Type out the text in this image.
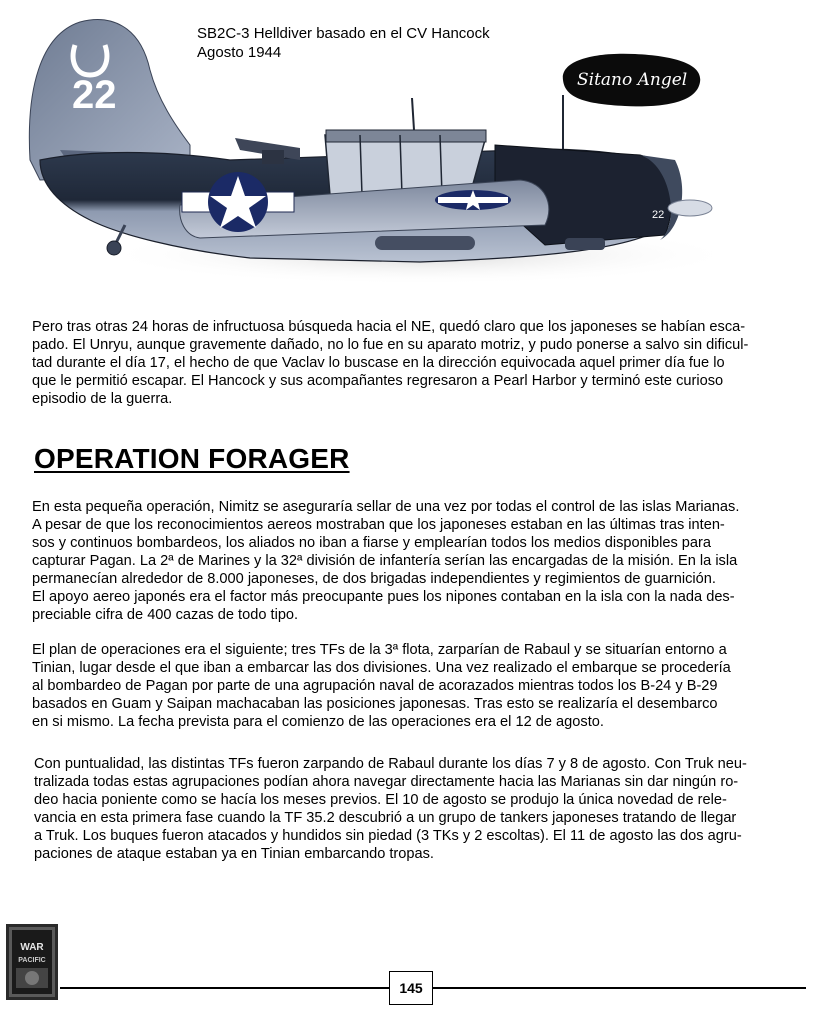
22
22
Sitano Angel
SB2C-3 Helldiver basado en el CV Hancock
Agosto 1944
Pero tras otras 24 horas de infructuosa búsqueda hacia el NE, quedó claro que los japoneses se habían esca-
pado. El Unryu, aunque gravemente dañado, no lo fue en su aparato motriz, y pudo ponerse a salvo sin dificul-
tad durante el día 17, el hecho de que Vaclav lo buscase en la dirección equivocada aquel primer día fue lo
que le permitió escapar. El Hancock y sus acompañantes regresaron a Pearl Harbor y terminó este curioso
episodio de la guerra.
OPERATION FORAGER
En esta pequeña operación, Nimitz se aseguraría sellar de una vez por todas el control de las islas Marianas.
A pesar de que los reconocimientos aereos mostraban que los japoneses estaban en las últimas tras inten-
sos y continuos bombardeos, los aliados no iban a fiarse y emplearían todos los medios disponibles para
capturar Pagan. La 2ª de Marines y la 32ª división de infantería serían las encargadas de la misión. En la isla
permanecían alrededor de 8.000 japoneses, de dos brigadas independientes y regimientos de guarnición.
El apoyo aereo japonés era el factor más preocupante pues los nipones contaban en la isla con la nada des-
preciable cifra de 400 cazas de todo tipo.
El plan de operaciones era el siguiente; tres TFs de la 3ª flota, zarparían de Rabaul y se situarían entorno a
Tinian, lugar desde el que iban a embarcar las dos divisiones. Una vez realizado el embarque se procedería
al bombardeo de Pagan por parte de una agrupación naval de acorazados mientras todos los B-24 y B-29
basados en Guam y Saipan machacaban las posiciones japonesas. Tras esto se realizaría el desembarco
en si mismo. La fecha prevista para el comienzo de las operaciones era el 12 de agosto.
Con puntualidad, las distintas TFs fueron zarpando de Rabaul durante los días 7 y 8 de agosto. Con Truk neu-
tralizada todas estas agrupaciones podían ahora navegar directamente hacia las Marianas sin dar ningún ro-
deo hacia poniente como se hacía los meses previos. El 10 de agosto se produjo la única novedad de rele-
vancia en esta primera fase cuando la TF 35.2 descubrió a un grupo de tankers japoneses tratando de llegar
a Truk. Los buques fueron atacados y hundidos sin piedad (3 TKs y 2 escoltas). El 11 de agosto las dos agru-
paciones de ataque estaban ya en Tinian embarcando tropas.
WAR
PACIFIC
145
